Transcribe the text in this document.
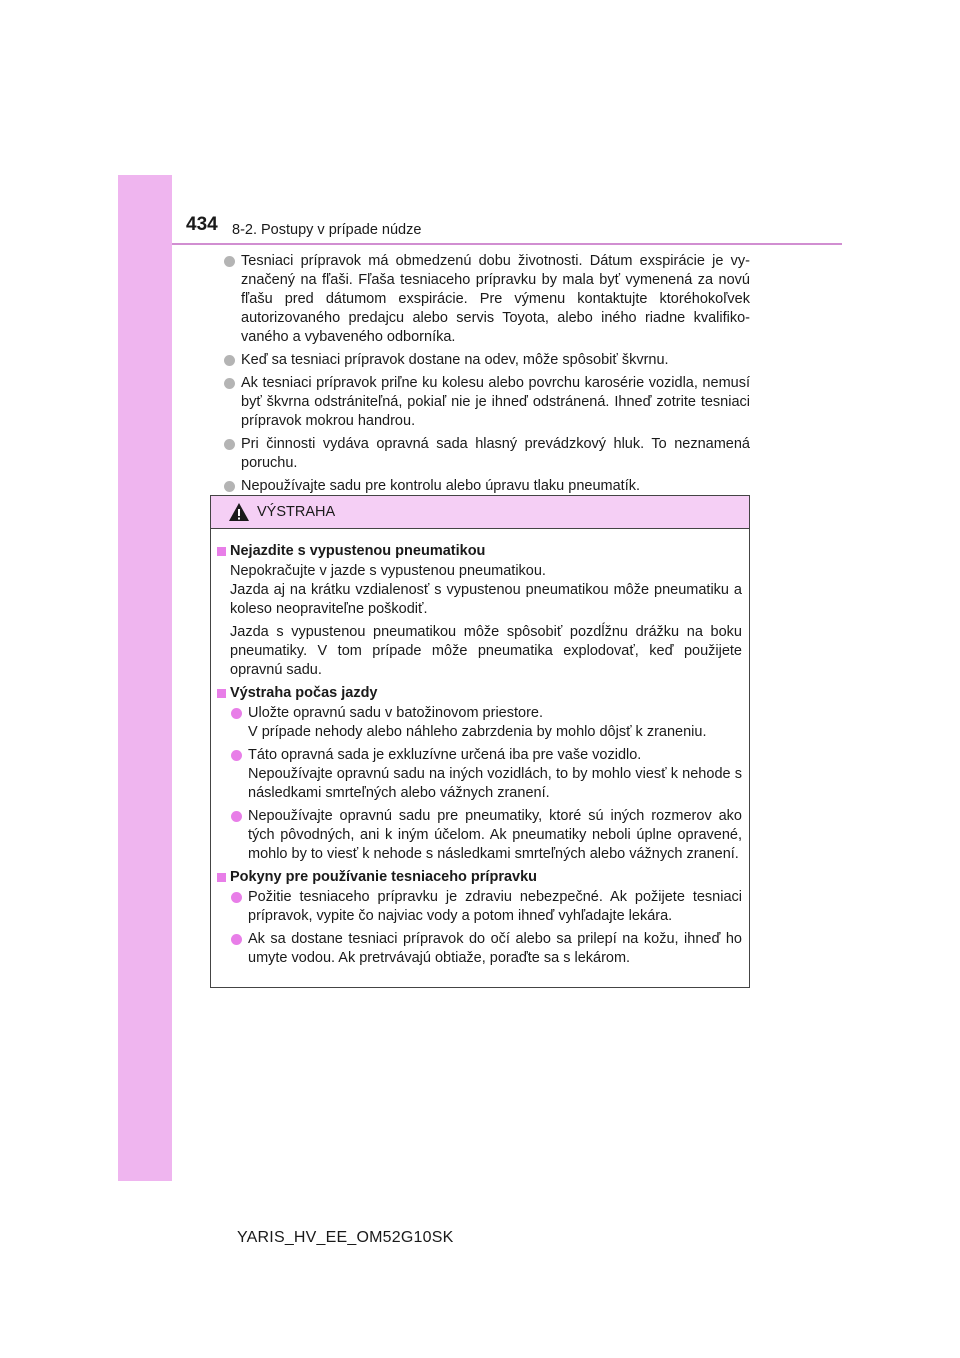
434 8-2. Postupy v prípade núdze
Tesniaci prípravok má obmedzenú dobu životnosti. Dátum exspirácie je vyznačený na fľaši. Fľaša tesniaceho prípravku by mala byť vymenená za novú fľašu pred dátumom exspirácie. Pre výmenu kontaktujte ktoréhokoľvek autorizovaného predajcu alebo servis Toyota, alebo iného riadne kvalifikovaného a vybaveného odborníka.
Keď sa tesniaci prípravok dostane na odev, môže spôsobiť škvrnu.
Ak tesniaci prípravok priľne ku kolesu alebo povrchu karosérie vozidla, nemusí byť škvrna odstrániteľná, pokiaľ nie je ihneď odstránená. Ihneď zotrite tesniaci prípravok mokrou handrou.
Pri činnosti vydáva opravná sada hlasný prevádzkový hluk. To neznamená poruchu.
Nepoužívajte sadu pre kontrolu alebo úpravu tlaku pneumatík.
VÝSTRAHA
Nejazdite s vypustenou pneumatikou
Nepokračujte v jazde s vypustenou pneumatikou.
Jazda aj na krátku vzdialenosť s vypustenou pneumatikou môže pneumatiku a koleso neopraviteľne poškodiť.
Jazda s vypustenou pneumatikou môže spôsobiť pozdĺžnu drážku na boku pneumatiky. V tom prípade môže pneumatika explodovať, keď použijete opravnú sadu.
Výstraha počas jazdy
Uložte opravnú sadu v batožinovom priestore.
V prípade nehody alebo náhleho zabrzdenia by mohlo dôjsť k zraneniu.
Táto opravná sada je exkluzívne určená iba pre vaše vozidlo.
Nepoužívajte opravnú sadu na iných vozidlách, to by mohlo viesť k nehode s následkami smrteľných alebo vážnych zranení.
Nepoužívajte opravnú sadu pre pneumatiky, ktoré sú iných rozmerov ako tých pôvodných, ani k iným účelom. Ak pneumatiky neboli úplne opravené, mohlo by to viesť k nehode s následkami smrteľných alebo vážnych zranení.
Pokyny pre používanie tesniaceho prípravku
Požitie tesniaceho prípravku je zdraviu nebezpečné. Ak požijete tesniaci prípravok, vypite čo najviac vody a potom ihneď vyhľadajte lekára.
Ak sa dostane tesniaci prípravok do očí alebo sa prilepí na kožu, ihneď ho umyte vodou. Ak pretrvávajú obtiaže, poraďte sa s lekárom.
YARIS_HV_EE_OM52G10SK
